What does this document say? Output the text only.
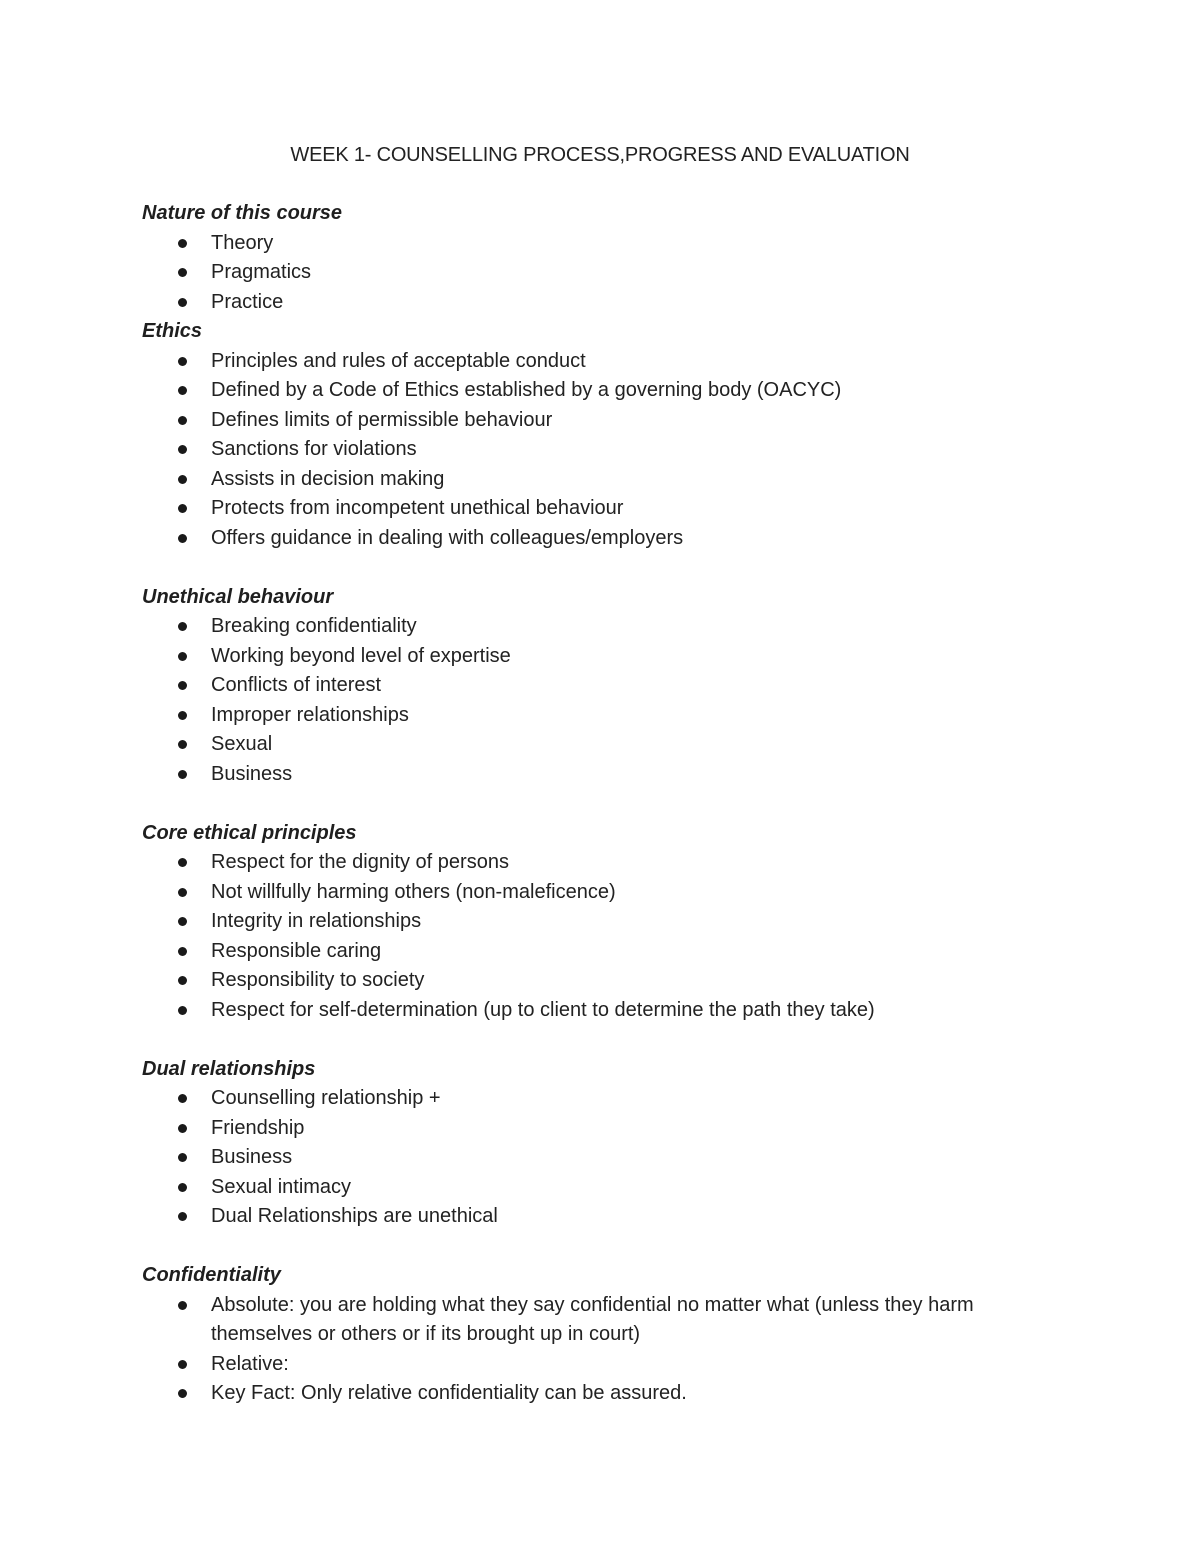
WEEK 1- COUNSELLING PROCESS,PROGRESS AND EVALUATION

Nature of this course

Theory
Pragmatics
Practice

Ethics

Principles and rules of acceptable conduct
Defined by a Code of Ethics established by a governing body (OACYC)
Defines limits of permissible behaviour
Sanctions for violations
Assists in decision making
Protects from incompetent unethical behaviour
Offers guidance in dealing with colleagues/employers

Unethical behaviour

Breaking confidentiality
Working beyond level of expertise
Conflicts of interest
Improper relationships
Sexual
Business

Core ethical principles

Respect for the dignity of persons
Not willfully harming others (non-maleficence)
Integrity in relationships
Responsible caring
Responsibility to society
Respect for self-determination (up to client to determine the path they take)

Dual relationships

Counselling relationship +
Friendship
Business
Sexual intimacy
Dual Relationships are unethical

Confidentiality

Absolute: you are holding what they say confidential no matter what (unless they harm themselves or others or if its brought up in court)
Relative:
Key Fact: Only relative confidentiality can be assured.
